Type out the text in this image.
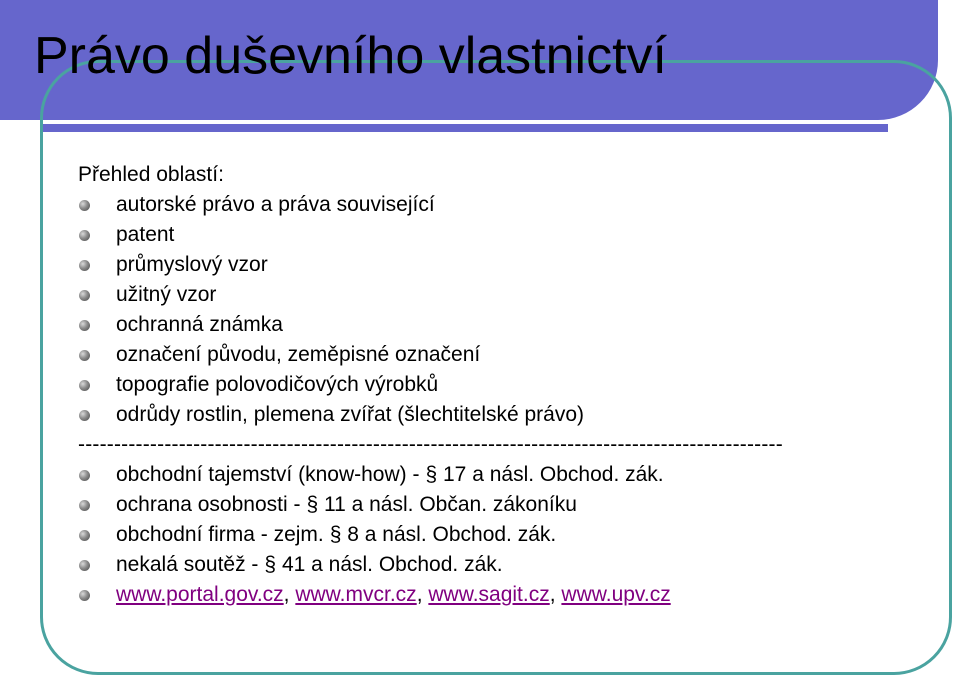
Právo duševního vlastnictví
Přehled oblastí:
autorské právo a práva související
patent
průmyslový vzor
užitný vzor
ochranná známka
označení původu, zeměpisné označení
topografie polovodičových výrobků
odrůdy rostlin, plemena zvířat (šlechtitelské právo)
--------------------------------------------------------------------------------------------------
obchodní tajemství (know-how) - § 17 a násl. Obchod. zák.
ochrana osobnosti - § 11 a násl. Občan. zákoníku
obchodní firma - zejm. § 8 a násl. Obchod. zák.
nekalá soutěž - § 41 a násl. Obchod. zák.
www.portal.gov.cz, www.mvcr.cz, www.sagit.cz, www.upv.cz
